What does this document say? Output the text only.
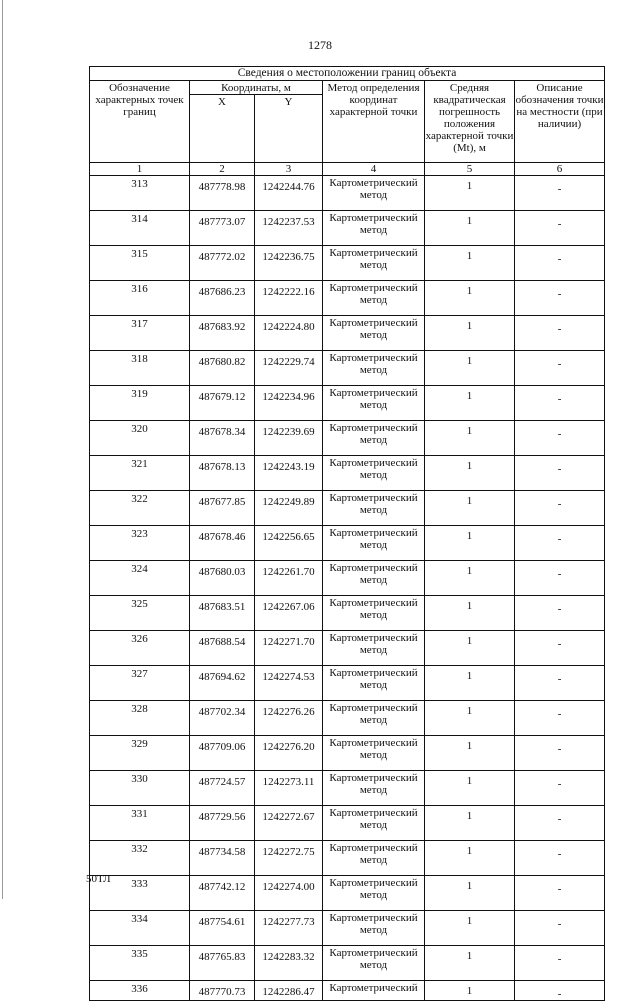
1278
Сведения о местоположении границ объекта					
Обозначение характерных точек границ	Координаты, м		Метод определения координат характерной точки	Средняя квадратическая погрешность положения характерной точки (Mt), м	Описание обозначения точки на местности (при наличии)
	X	Y			
1	2	3	4	5	6
313	487778.98	1242244.76	Картометрический метод	1	-
314	487773.07	1242237.53	Картометрический метод	1	-
315	487772.02	1242236.75	Картометрический метод	1	-
316	487686.23	1242222.16	Картометрический метод	1	-
317	487683.92	1242224.80	Картометрический метод	1	-
318	487680.82	1242229.74	Картометрический метод	1	-
319	487679.12	1242234.96	Картометрический метод	1	-
320	487678.34	1242239.69	Картометрический метод	1	-
321	487678.13	1242243.19	Картометрический метод	1	-
322	487677.85	1242249.89	Картометрический метод	1	-
323	487678.46	1242256.65	Картометрический метод	1	-
324	487680.03	1242261.70	Картометрический метод	1	-
325	487683.51	1242267.06	Картометрический метод	1	-
326	487688.54	1242271.70	Картометрический метод	1	-
327	487694.62	1242274.53	Картометрический метод	1	-
328	487702.34	1242276.26	Картометрический метод	1	-
329	487709.06	1242276.20	Картометрический метод	1	-
330	487724.57	1242273.11	Картометрический метод	1	-
331	487729.56	1242272.67	Картометрический метод	1	-
332	487734.58	1242272.75	Картометрический метод	1	-
333	487742.12	1242274.00	Картометрический метод	1	-
334	487754.61	1242277.73	Картометрический метод	1	-
335	487765.83	1242283.32	Картометрический метод	1	-
336	487770.73	1242286.47	Картометрический	1	-
50ТЛ
